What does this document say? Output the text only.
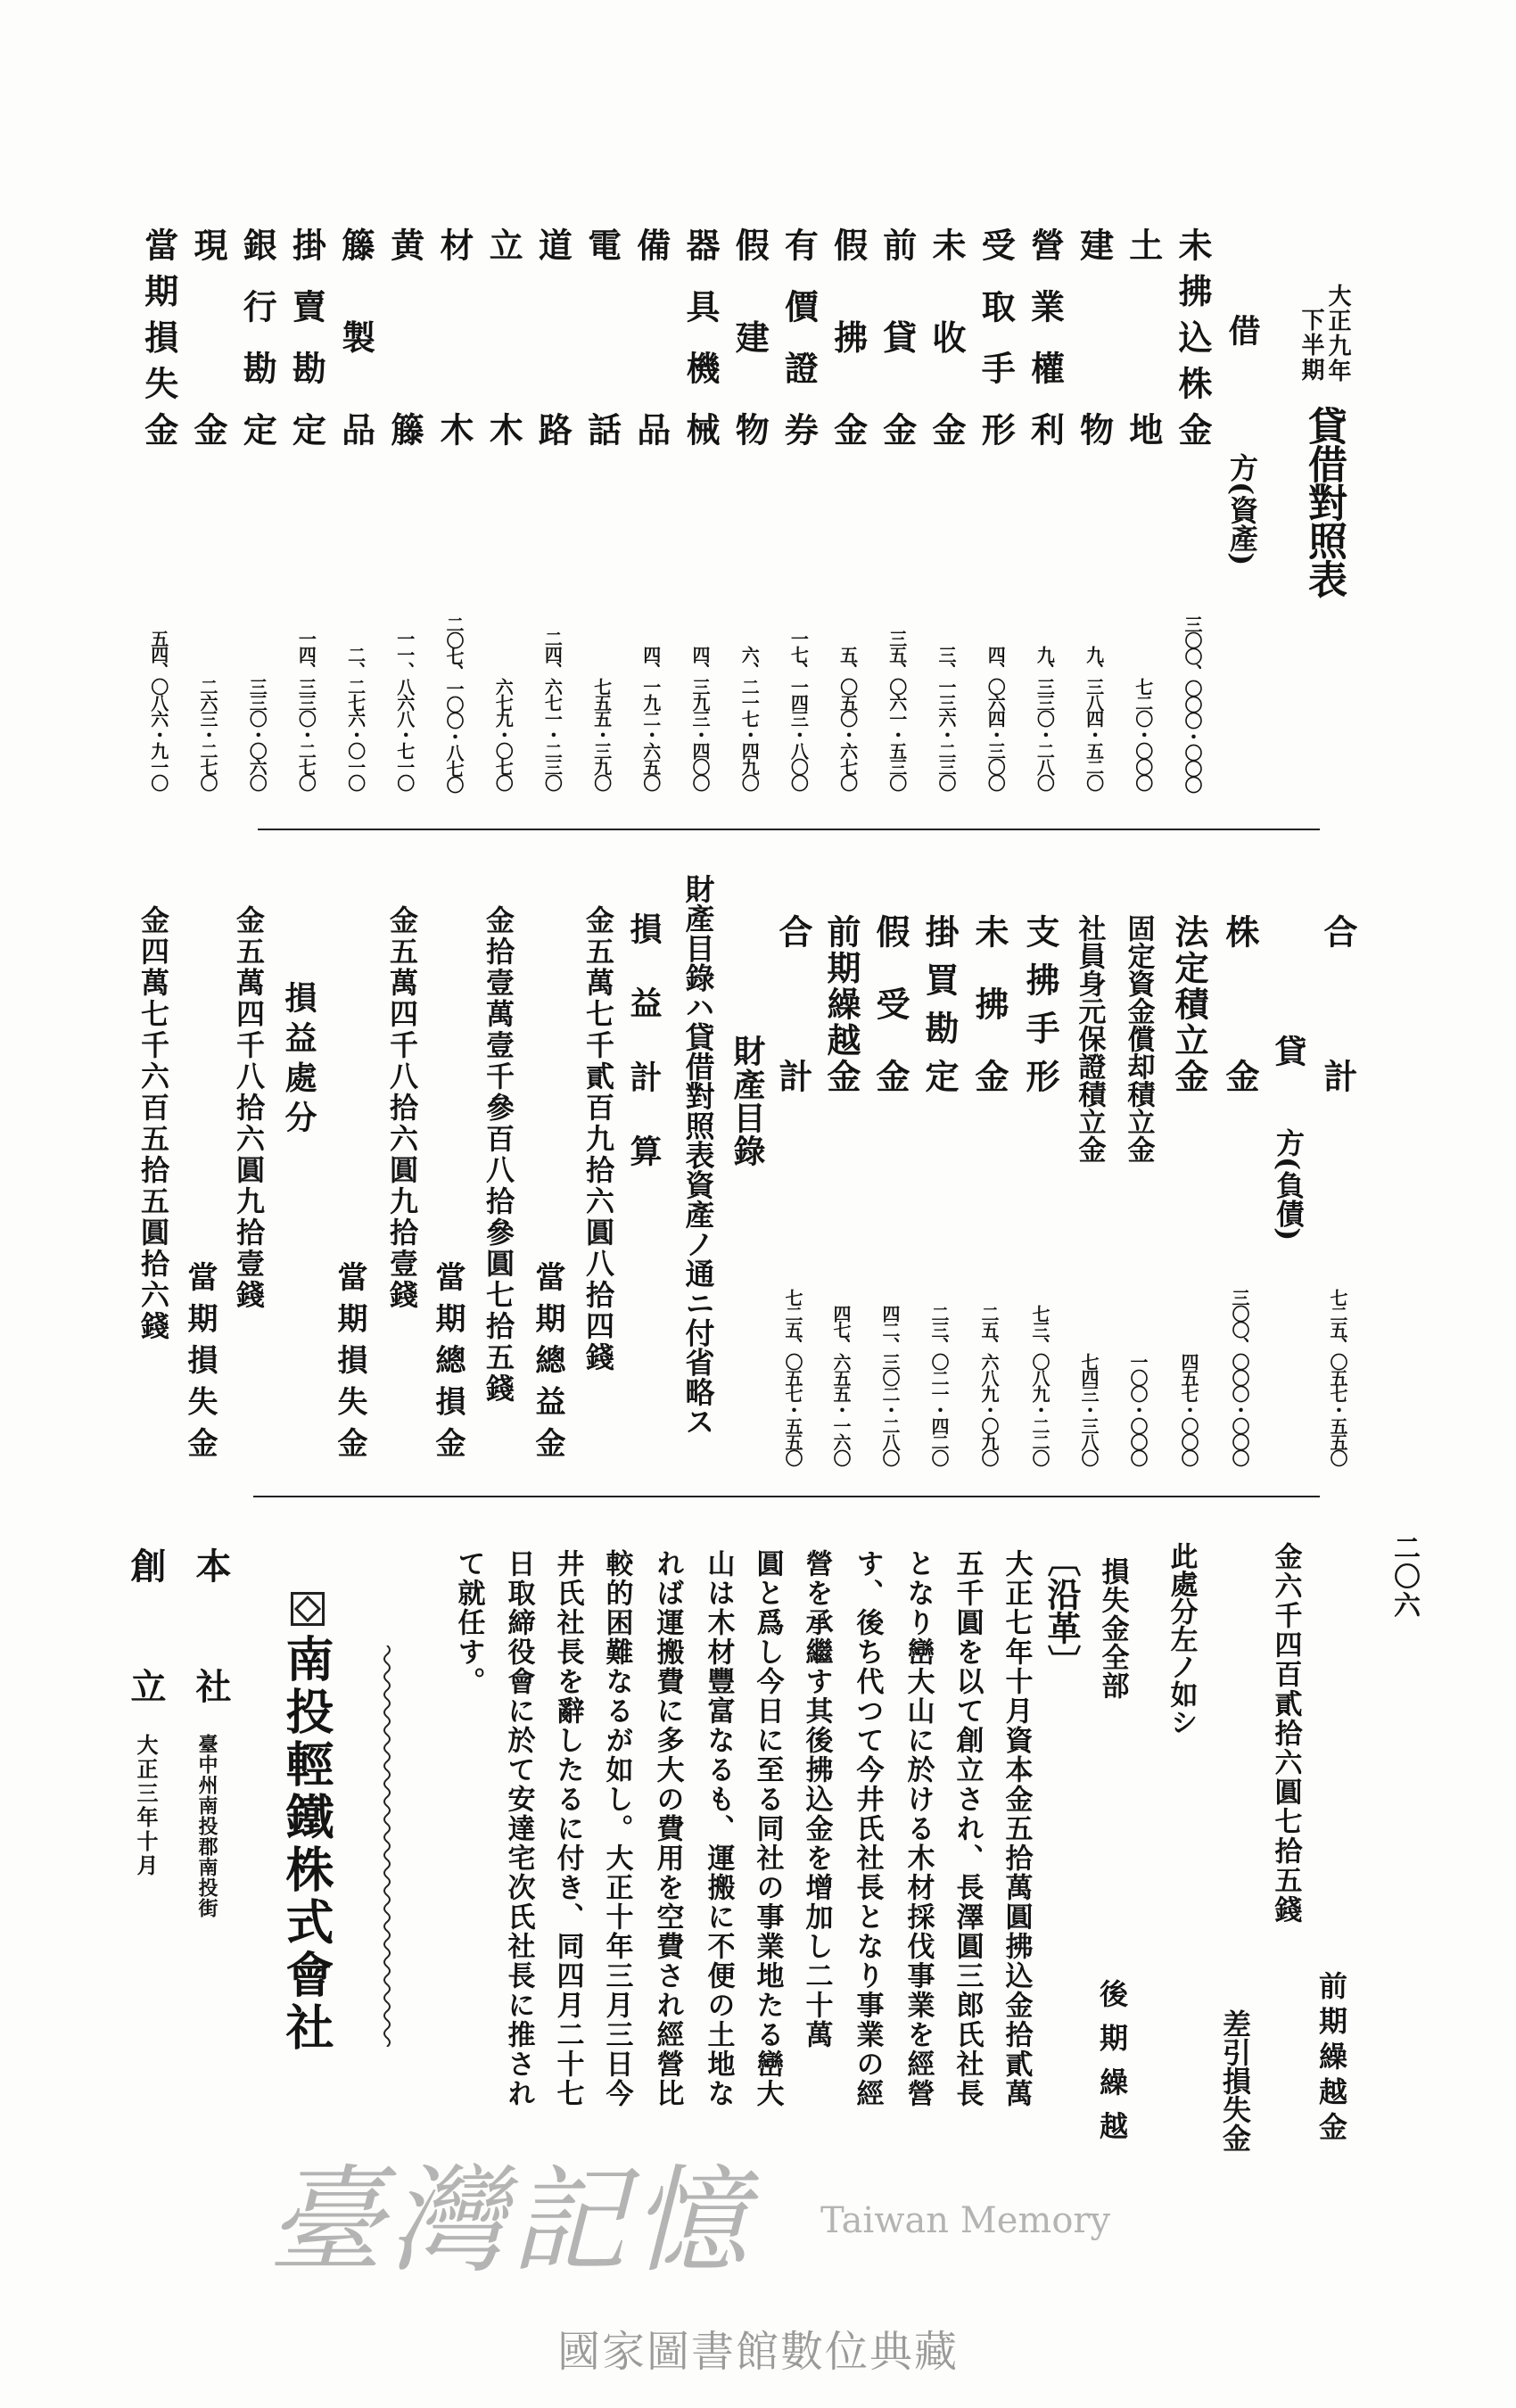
臺灣記憶 Taiwan Memory
國家圖書館數位典藏
大正九年
下半期
貸借對照表
借
方(資產)
未拂込株金
三〇〇、〇〇〇・〇〇〇
土地
七二〇・〇〇〇
建物
九、三八四・五二〇
營業權利
九、三三〇・二八〇
受取手形
四、〇六四・三〇〇
未收金
三、一三六・二三〇
前貸金
三五、〇六一・五三〇
假拂金
五、〇五〇・六七〇
有價證券
一七、一四三・八〇〇
假建物
六、二一七・四九〇
器具機械
四、三九三・四〇〇
備品
四、一九二・六五〇
電話
七五五・三九〇
道路
二四、六七一・二三〇
立木
六七九・〇七〇
材木
二〇七、一〇〇・八七〇
黄籐
一一、八六八・七一〇
籐製品
二、二七六・〇一〇
掛賣勘定
一四、三三〇・二七〇
銀行勘定
三三〇・〇六〇
現金
二六三・二七〇
當期損失金
五四、〇八六・九一〇
合計
七二五、〇五七・五五〇
貸
方(負債)
株金
三〇〇、〇〇〇・〇〇〇
法定積立金
四五七・〇〇〇
固定資金償却積立金
一〇〇・〇〇〇
社員身元保證積立金
七四三・三八〇
支拂手形
七三、〇八九・二二〇
未拂金
二五、六八九・〇九〇
掛買勘定
二三、〇二一・四二〇
假受金
四二、三〇二・二八〇
前期繰越金
四七、六五五・一六〇
合計
七二五、〇五七・五五〇
財產目錄
財產目錄ハ貸借對照表資產ノ通ニ付省略ス
損益計算
金五萬七千貳百九拾六圓八拾四錢
當期總益金
金拾壹萬壹千參百八拾參圓七拾五錢
當期總損金
金五萬四千八拾六圓九拾壹錢
當期損失金
損益處分
金五萬四千八拾六圓九拾壹錢
當期損失金
金四萬七千六百五拾五圓拾六錢
二〇六
前期繰越金
金六千四百貳拾六圓七拾五錢
差引損失金
此處分左ノ如シ
損失金全部
後期繰越
〔沿革〕
大正七年十月資本金五拾萬圓拂込金拾貳萬
五千圓を以て創立され、長澤圓三郎氏社長
となり巒大山に於ける木材採伐事業を經營
す、後ち代つて今井氏社長となり事業の經
營を承繼す其後拂込金を增加し二十萬
圓と爲し今日に至る同社の事業地たる巒大
山は木材豐富なるも、運搬に不便の土地な
れば運搬費に多大の費用を空費され經營比
較的困難なるが如し。大正十年三月三日今
井氏社長を辭したるに付き、同四月二十七
日取締役會に於て安達宅次氏社長に推され
て就任す。
南投輕鐵株式會社
本社
創立
臺中州南投郡南投街
大正三年十月
